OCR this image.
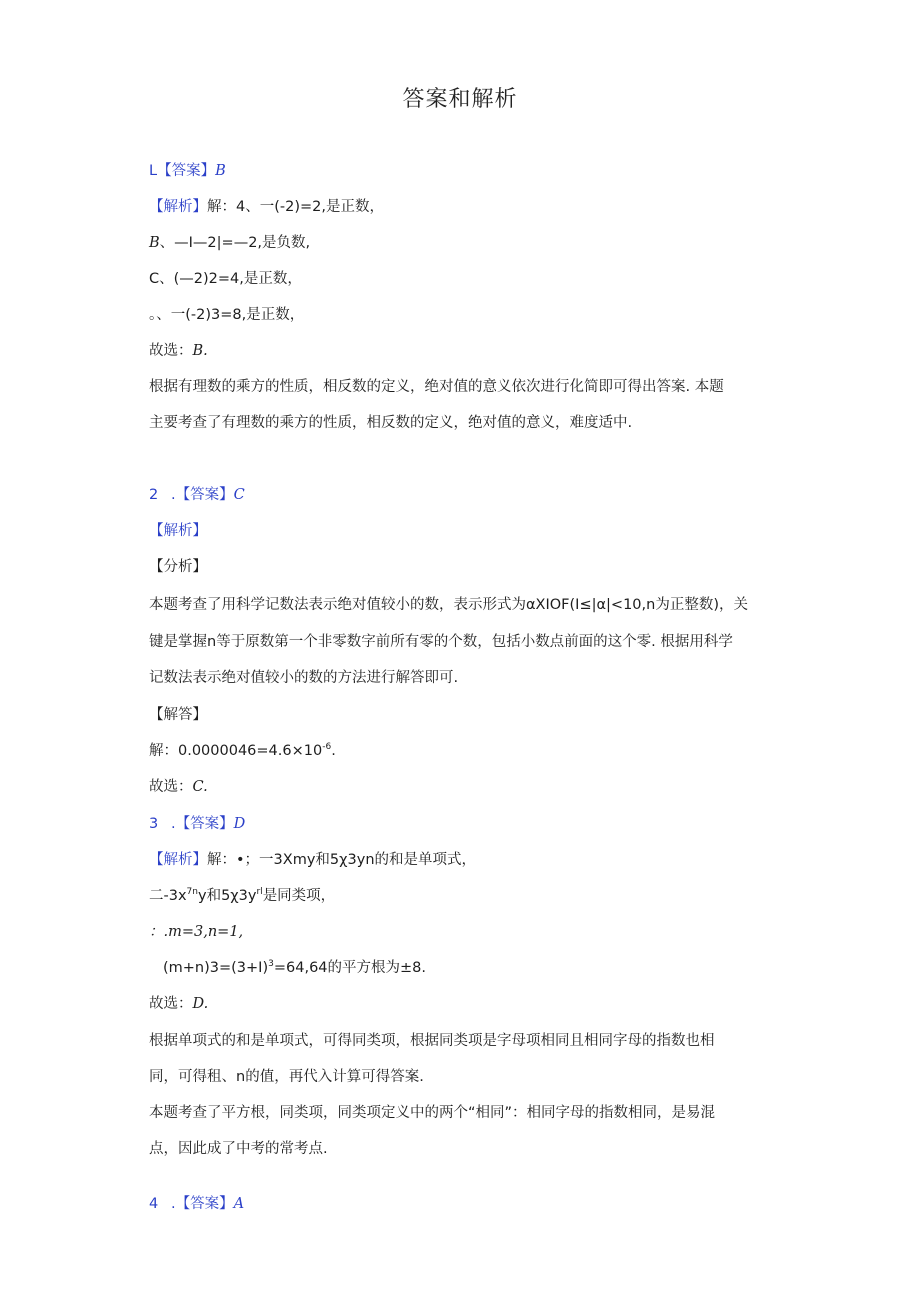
答案和解析
L【答案】B
【解析】解：4、一(-2)=2,是正数，
B、—I—2|=—2,是负数,
C、(—2)2=4,是正数，
。、一(-2)3=8,是正数，
故选：B.
根据有理数的乘方的性质，相反数的定义，绝对值的意义依次进行化简即可得出答案. 本题
主要考查了有理数的乘方的性质，相反数的定义，绝对值的意义，难度适中.
2 .【答案】C
【解析】
【分析】
本题考查了用科学记数法表示绝对值较小的数，表示形式为αXIOF(I≤|α|<10,n为正整数)，关
键是掌握n等于原数第一个非零数字前所有零的个数，包括小数点前面的这个零. 根据用科学
记数法表示绝对值较小的数的方法进行解答即可.
【解答】
解：$0.0000046=4.6\times 10^{-6}$.
故选：C.
3 .【答案】D
【解析】解：•；一3Xmy和5χ3yn的和是单项式，
二$-3x^{7n}y$和$5\chi 3y^{rl}$是同类项，
：.m=3,n=1,
$(m+n)3=(3+I)^3=64,64$的平方根为±8.
故选：D.
根据单项式的和是单项式，可得同类项，根据同类项是字母项相同且相同字母的指数也相
同，可得租、n的值，再代入计算可得答案.
本题考查了平方根，同类项，同类项定义中的两个“相同”：相同字母的指数相同，是易混
点，因此成了中考的常考点.
4 .【答案】A
